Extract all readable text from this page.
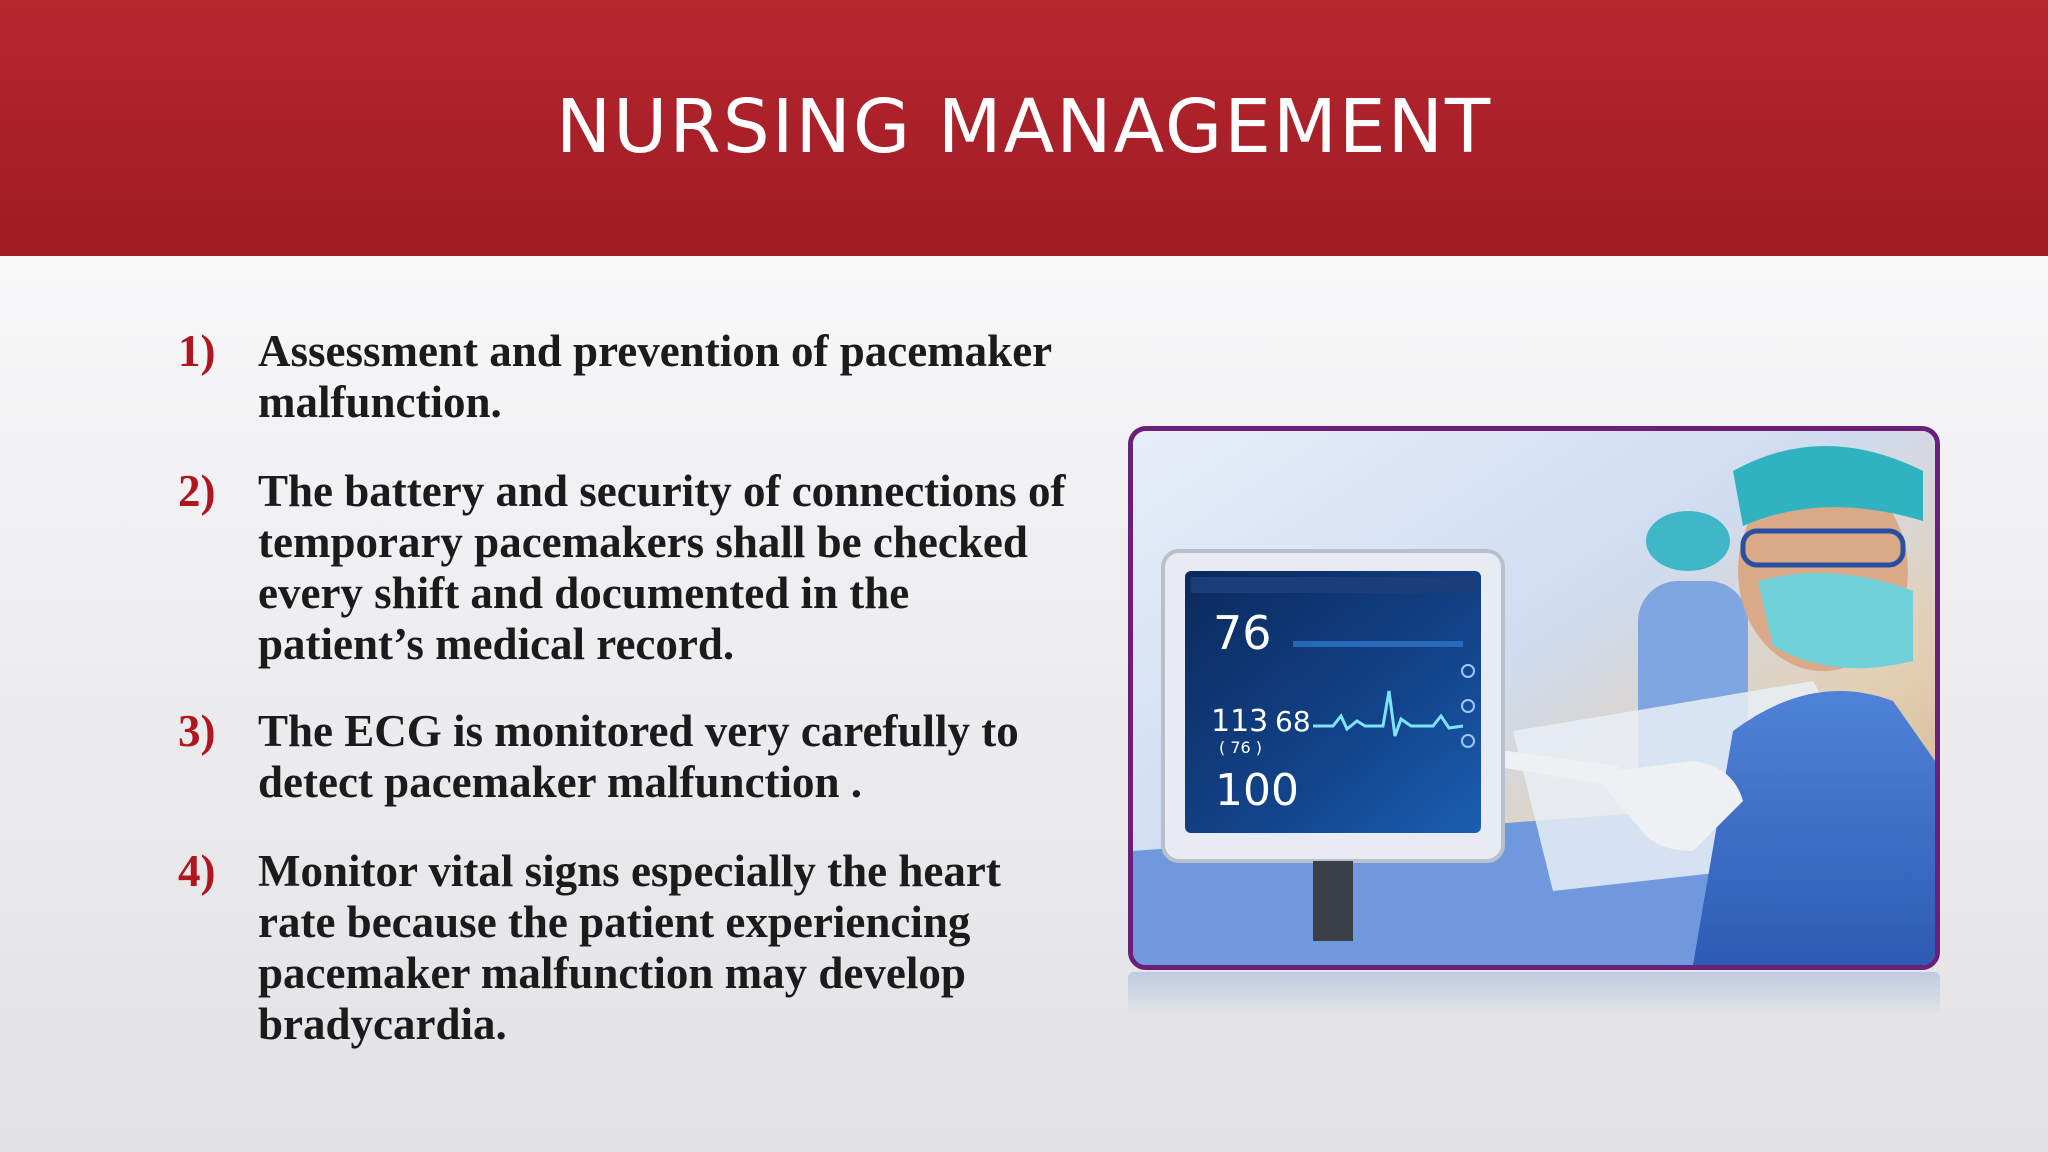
NURSING MANAGEMENT
1) Assessment and prevention of pacemaker malfunction.
2) The battery and security of connections of temporary pacemakers shall be checked every shift and documented in the patient’s medical record.
3) The ECG is monitored very carefully to detect pacemaker malfunction .
4) Monitor vital signs especially the heart rate because the patient experiencing pacemaker malfunction may develop bradycardia.
76
113 68
( 76 )
100
